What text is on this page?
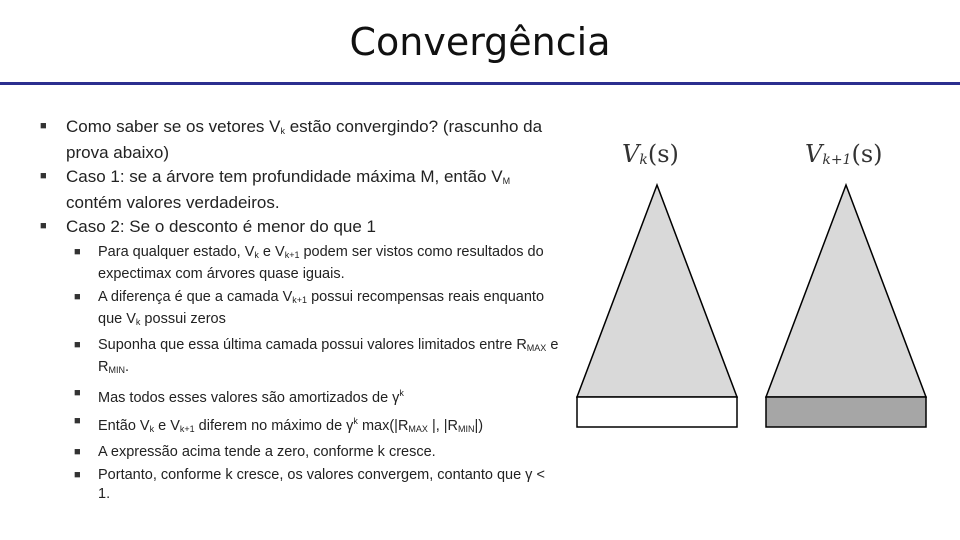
Convergência
■ Como saber se os vetores $V_k$ estão convergindo? (rascunho da prova abaixo)
■ Caso 1: se a árvore tem profundidade máxima M, então $V_M$ contém valores verdadeiros.
■ Caso 2: Se o desconto é menor do que 1
■ Para qualquer estado, $V_k$ e $V_{k+1}$ podem ser vistos como resultados do expectimax com árvores quase iguais.
■ A diferença é que a camada $V_{k+1}$ possui recompensas reais enquanto que $V_k$ possui zeros
■ Suponha que essa última camada possui valores limitados entre $R_{MAX}$ e $R_{MIN}$.
■ Mas todos esses valores são amortizados de $\gamma^k$
■ Então $V_k$ e $V_{k+1}$ diferem no máximo de $\gamma^k$ $\max(|R_{MAX}$ |, $|R_{MIN}|$)
■ A expressão acima tende a zero, conforme k cresce.
■ Portanto, conforme k cresce, os valores convergem, contanto que γ < 1.
$V_k(s)$	$V_{k+1}(s)$
